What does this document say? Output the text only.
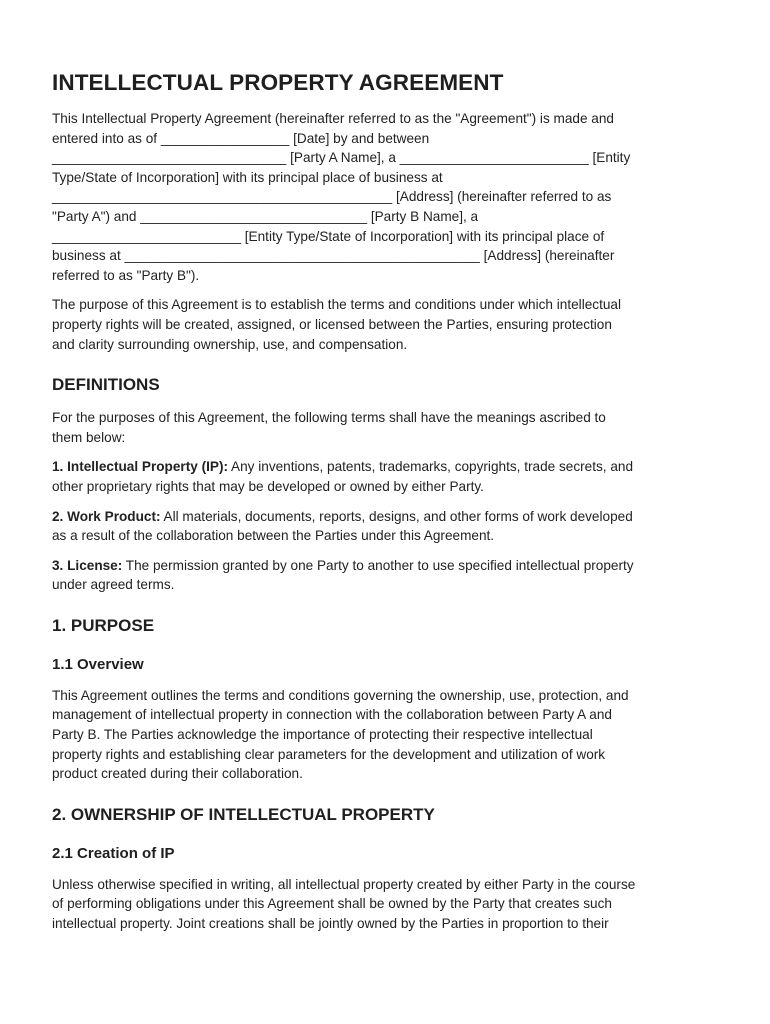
INTELLECTUAL PROPERTY AGREEMENT

This Intellectual Property Agreement (hereinafter referred to as the "Agreement") is made and
entered into as of _________________ [Date] by and between
_______________________________ [Party A Name], a _________________________ [Entity
Type/State of Incorporation] with its principal place of business at
_____________________________________________ [Address] (hereinafter referred to as
"Party A") and ______________________________ [Party B Name], a
_________________________ [Entity Type/State of Incorporation] with its principal place of
business at _______________________________________________ [Address] (hereinafter
referred to as "Party B").

The purpose of this Agreement is to establish the terms and conditions under which intellectual
property rights will be created, assigned, or licensed between the Parties, ensuring protection
and clarity surrounding ownership, use, and compensation.

DEFINITIONS

For the purposes of this Agreement, the following terms shall have the meanings ascribed to
them below:

1. Intellectual Property (IP): Any inventions, patents, trademarks, copyrights, trade secrets, and
other proprietary rights that may be developed or owned by either Party.

2. Work Product: All materials, documents, reports, designs, and other forms of work developed
as a result of the collaboration between the Parties under this Agreement.

3. License: The permission granted by one Party to another to use specified intellectual property
under agreed terms.

1. PURPOSE
1.1 Overview

This Agreement outlines the terms and conditions governing the ownership, use, protection, and
management of intellectual property in connection with the collaboration between Party A and
Party B. The Parties acknowledge the importance of protecting their respective intellectual
property rights and establishing clear parameters for the development and utilization of work
product created during their collaboration.

2. OWNERSHIP OF INTELLECTUAL PROPERTY
2.1 Creation of IP

Unless otherwise specified in writing, all intellectual property created by either Party in the course
of performing obligations under this Agreement shall be owned by the Party that creates such
intellectual property. Joint creations shall be jointly owned by the Parties in proportion to their
